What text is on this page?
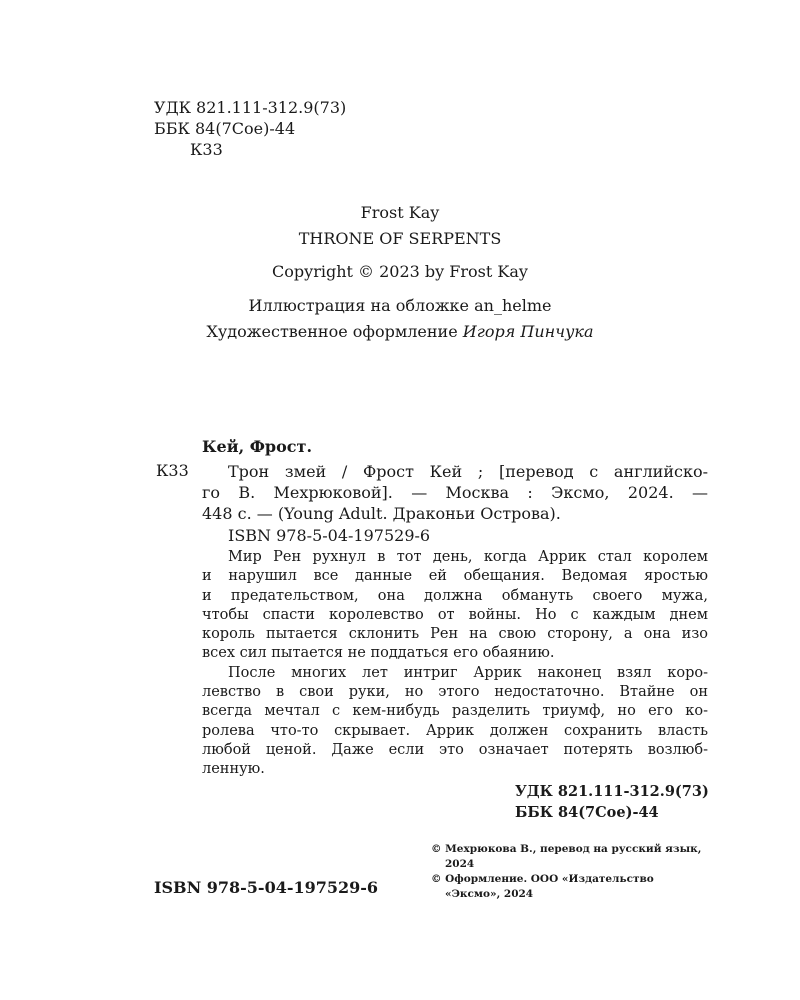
УДК 821.111-312.9(73)
ББК 84(7Сое)-44
К33
Frost Kay
THRONE OF SERPENTS
Copyright © 2023 by Frost Kay
Иллюстрация на обложке an_helme
Художественное оформление Игоря Пинчука
Кей, Фрост.
К33	Трон змей / Фрост Кей ; [перевод с английско-
го В. Мехрюковой]. — Москва : Эксмо, 2024. —
448 с. — (Young Adult. Драконьи Острова).
ISBN 978-5-04-197529-6
Мир Рен рухнул в тот день, когда Аррик стал королем
и нарушил все данные ей обещания. Ведомая яростью
и предательством, она должна обмануть своего мужа,
чтобы спасти королевство от войны. Но с каждым днем
король пытается склонить Рен на свою сторону, а она изо
всех сил пытается не поддаться его обаянию.
После многих лет интриг Аррик наконец взял коро-
левство в свои руки, но этого недостаточно. Втайне он
всегда мечтал с кем-нибудь разделить триумф, но его ко-
ролева что-то скрывает. Аррик должен сохранить власть
любой ценой. Даже если это означает потерять возлюб-
ленную.
УДК 821.111-312.9(73)
ББК 84(7Сое)-44
© Мехрюкова В., перевод на русский язык,
2024
© Оформление. ООО «Издательство
«Эксмо», 2024
ISBN 978-5-04-197529-6
